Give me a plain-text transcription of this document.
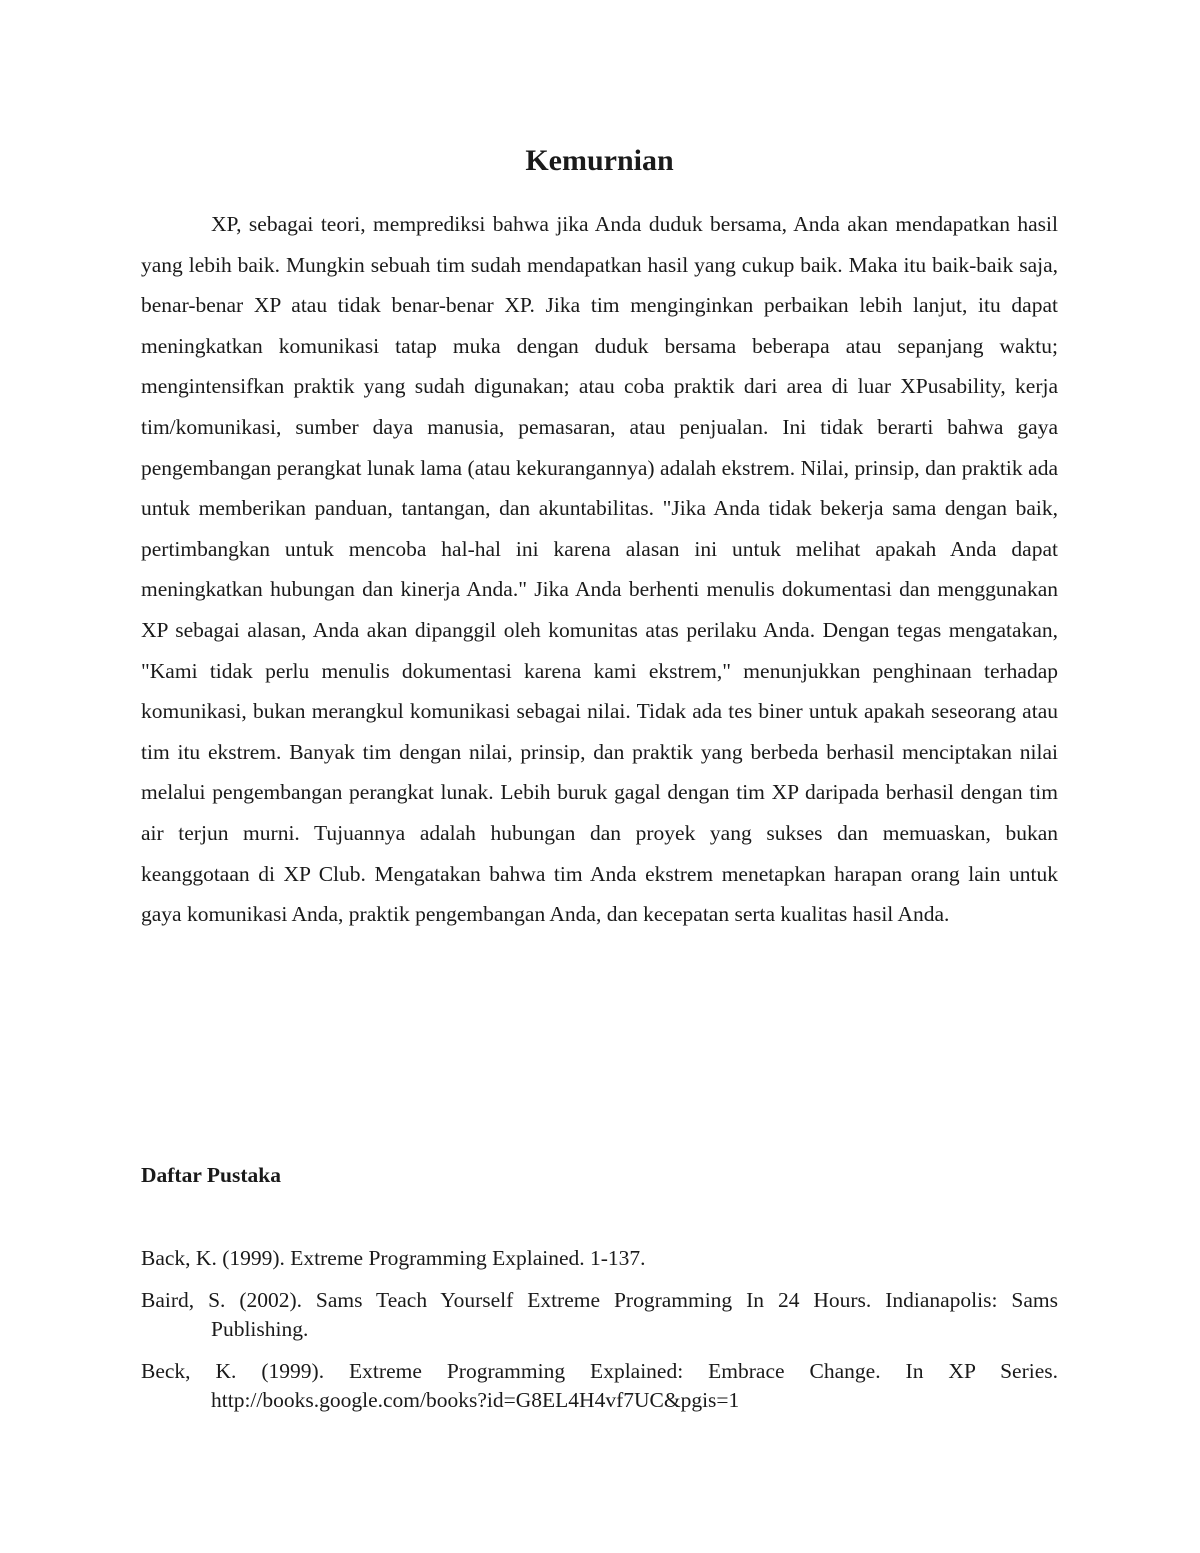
Kemurnian

XP, sebagai teori, memprediksi bahwa jika Anda duduk bersama, Anda akan mendapatkan hasil yang lebih baik. Mungkin sebuah tim sudah mendapatkan hasil yang cukup baik. Maka itu baik-baik saja, benar-benar XP atau tidak benar-benar XP. Jika tim menginginkan perbaikan lebih lanjut, itu dapat meningkatkan komunikasi tatap muka dengan duduk bersama beberapa atau sepanjang waktu; mengintensifkan praktik yang sudah digunakan; atau coba praktik dari area di luar XPusability, kerja tim/komunikasi, sumber daya manusia, pemasaran, atau penjualan. Ini tidak berarti bahwa gaya pengembangan perangkat lunak lama (atau kekurangannya) adalah ekstrem. Nilai, prinsip, dan praktik ada untuk memberikan panduan, tantangan, dan akuntabilitas. "Jika Anda tidak bekerja sama dengan baik, pertimbangkan untuk mencoba hal-hal ini karena alasan ini untuk melihat apakah Anda dapat meningkatkan hubungan dan kinerja Anda." Jika Anda berhenti menulis dokumentasi dan menggunakan XP sebagai alasan, Anda akan dipanggil oleh komunitas atas perilaku Anda. Dengan tegas mengatakan, "Kami tidak perlu menulis dokumentasi karena kami ekstrem," menunjukkan penghinaan terhadap komunikasi, bukan merangkul komunikasi sebagai nilai. Tidak ada tes biner untuk apakah seseorang atau tim itu ekstrem. Banyak tim dengan nilai, prinsip, dan praktik yang berbeda berhasil menciptakan nilai melalui pengembangan perangkat lunak. Lebih buruk gagal dengan tim XP daripada berhasil dengan tim air terjun murni. Tujuannya adalah hubungan dan proyek yang sukses dan memuaskan, bukan keanggotaan di XP Club. Mengatakan bahwa tim Anda ekstrem menetapkan harapan orang lain untuk gaya komunikasi Anda, praktik pengembangan Anda, dan kecepatan serta kualitas hasil Anda.

Daftar Pustaka

Back, K. (1999). Extreme Programming Explained. 1-137.

Baird, S. (2002). Sams Teach Yourself Extreme Programming In 24 Hours. Indianapolis: Sams Publishing.

Beck, K. (1999). Extreme Programming Explained: Embrace Change. In XP Series. http://books.google.com/books?id=G8EL4H4vf7UC&pgis=1
